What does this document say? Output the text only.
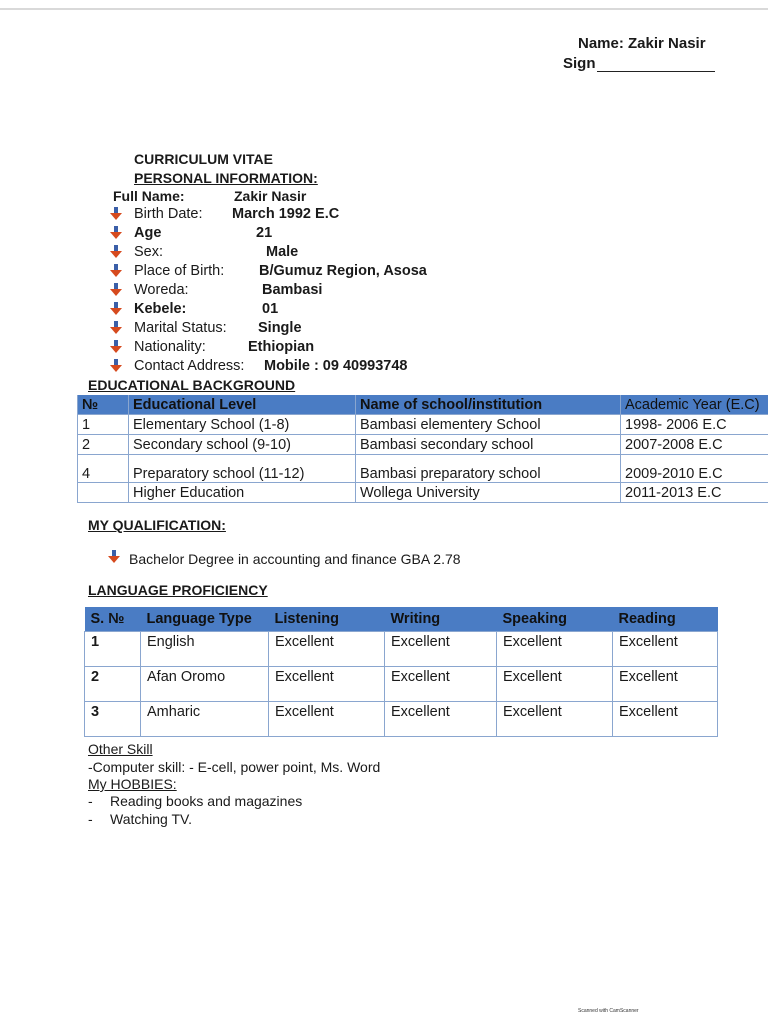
Name: Zakir Nasir
Sign
CURRICULUM VITAE
PERSONAL INFORMATION:
Full Name:	Zakir Nasir
Birth Date: March 1992 E.C
Age	21
Sex:	Male
Place of Birth: B/Gumuz Region, Asosa
Woreda:	Bambasi
Kebele:	01
Marital Status: Single
Nationality:	Ethiopian
Contact Address: Mobile : 09 40993748
EDUCATIONAL BACKGROUND
№	Educational Level	Name of school/institution	Academic Year (E.C)
1	Elementary School (1-8)	Bambasi elementery School	1998- 2006 E.C
2	Secondary school (9-10)	Bambasi secondary school	2007-2008 E.C
4	Preparatory school (11-12)	Bambasi preparatory school	2009-2010 E.C
	Higher Education	Wollega University	2011-2013 E.C
MY QUALIFICATION:
Bachelor Degree in accounting and finance GBA 2.78
LANGUAGE PROFICIENCY
S. №	Language Type	Listening	Writing	Speaking	Reading
1	English	Excellent	Excellent	Excellent	Excellent
2	Afan Oromo	Excellent	Excellent	Excellent	Excellent
3	Amharic	Excellent	Excellent	Excellent	Excellent
Other Skill
-Computer skill: - E-cell, power point, Ms. Word
My HOBBIES:
- Reading books and magazines
- Watching TV.
Scanned with CamScanner
